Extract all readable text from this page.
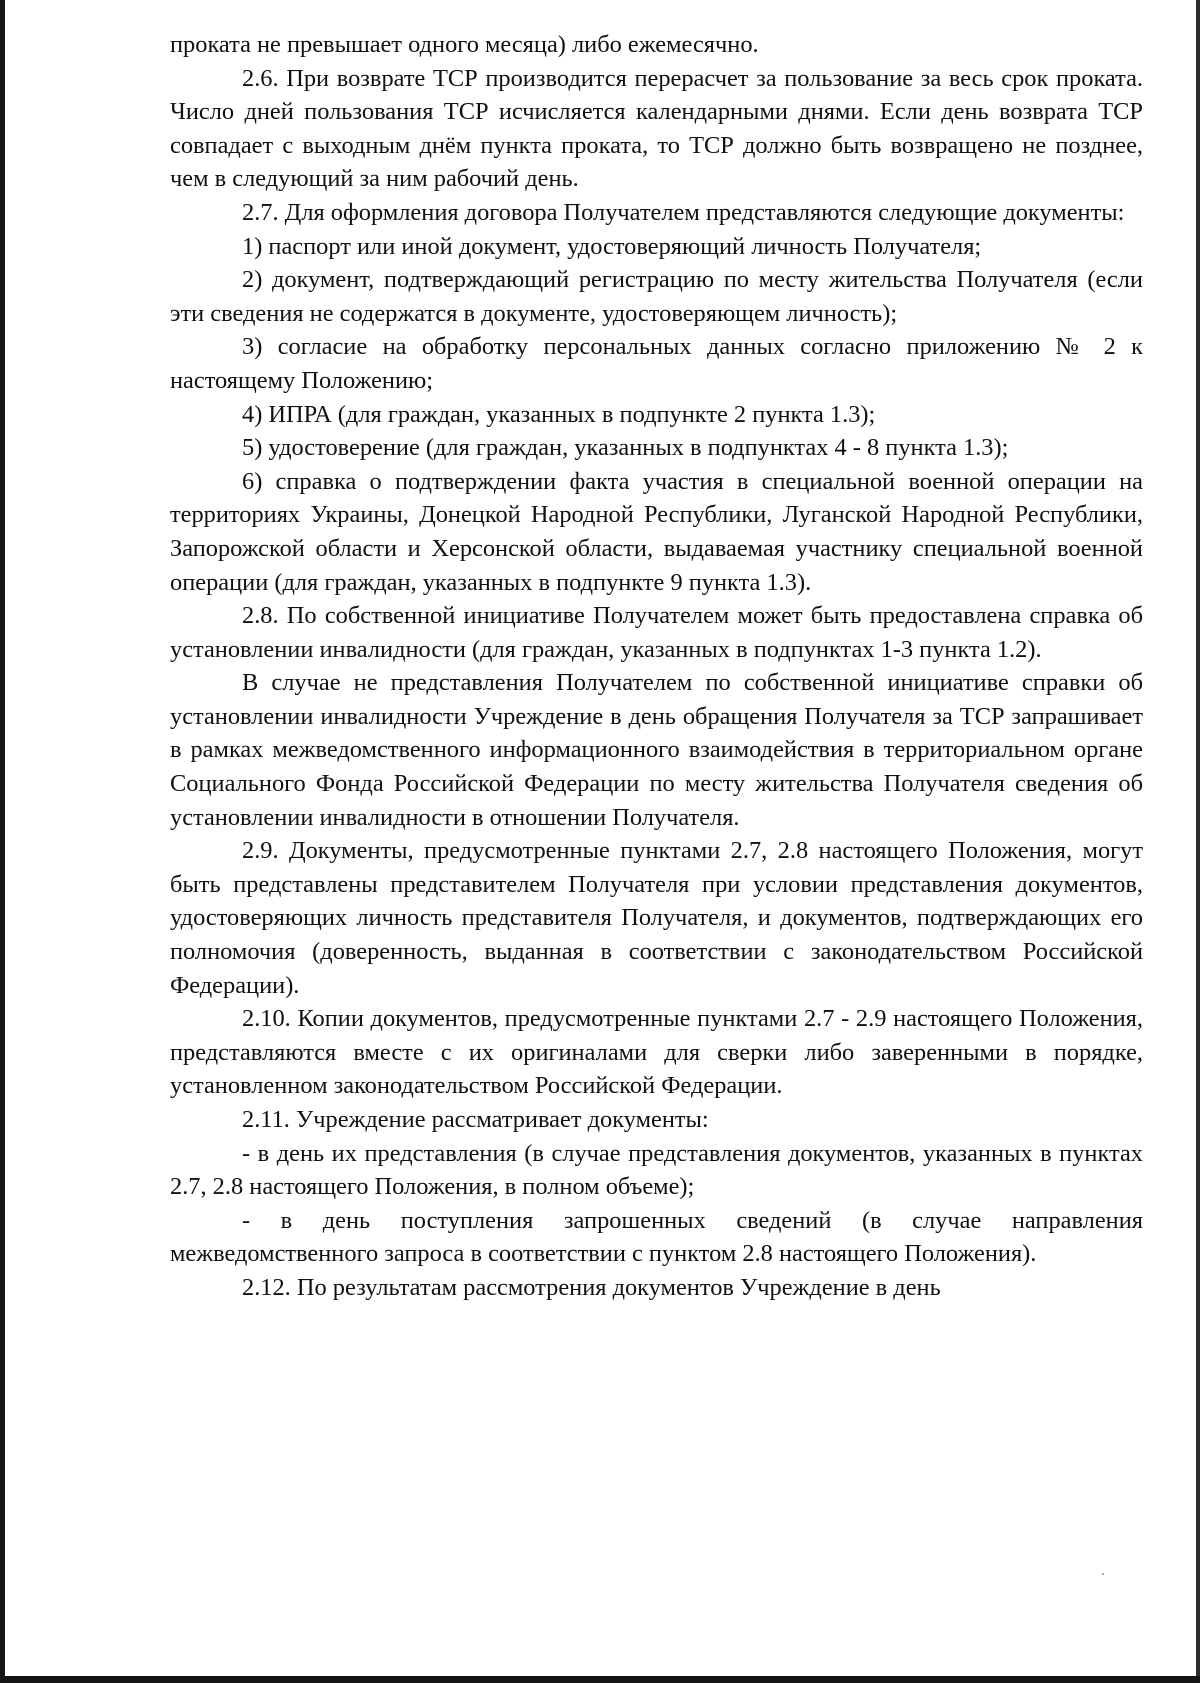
проката не превышает одного месяца) либо ежемесячно.

2.6. При возврате ТСР производится перерасчет за пользование за весь срок проката. Число дней пользования ТСР исчисляется календарными днями. Если день возврата ТСР совпадает с выходным днём пункта проката, то ТСР должно быть возвращено не позднее, чем в следующий за ним рабочий день.

2.7. Для оформления договора Получателем представляются следующие документы:

1) паспорт или иной документ, удостоверяющий личность Получателя;

2) документ, подтверждающий регистрацию по месту жительства Получателя (если эти сведения не содержатся в документе, удостоверяющем личность);

3) согласие на обработку персональных данных согласно приложению № 2 к настоящему Положению;

4) ИПРА (для граждан, указанных в подпункте 2 пункта 1.3);

5) удостоверение (для граждан, указанных в подпунктах 4 - 8 пункта 1.3);

6) справка о подтверждении факта участия в специальной военной операции на территориях Украины, Донецкой Народной Республики, Луганской Народной Республики, Запорожской области и Херсонской области, выдаваемая участнику специальной военной операции (для граждан, указанных в подпункте 9 пункта 1.3).

2.8. По собственной инициативе Получателем может быть предоставлена справка об установлении инвалидности (для граждан, указанных в подпунктах 1-3 пункта 1.2).

В случае не представления Получателем по собственной инициативе справки об установлении инвалидности Учреждение в день обращения Получателя за ТСР запрашивает в рамках межведомственного информационного взаимодействия в территориальном органе Социального Фонда Российской Федерации по месту жительства Получателя сведения об установлении инвалидности в отношении Получателя.

2.9. Документы, предусмотренные пунктами 2.7, 2.8 настоящего Положения, могут быть представлены представителем Получателя при условии представления документов, удостоверяющих личность представителя Получателя, и документов, подтверждающих его полномочия (доверенность, выданная в соответствии с законодательством Российской Федерации).

2.10. Копии документов, предусмотренные пунктами 2.7 - 2.9 настоящего Положения, представляются вместе с их оригиналами для сверки либо заверенными в порядке, установленном законодательством Российской Федерации.

2.11. Учреждение рассматривает документы:

- в день их представления (в случае представления документов, указанных в пунктах 2.7, 2.8 настоящего Положения, в полном объеме);

- в день поступления запрошенных сведений (в случае направления межведомственного запроса в соответствии с пунктом 2.8 настоящего Положения).

2.12. По результатам рассмотрения документов Учреждение в день
